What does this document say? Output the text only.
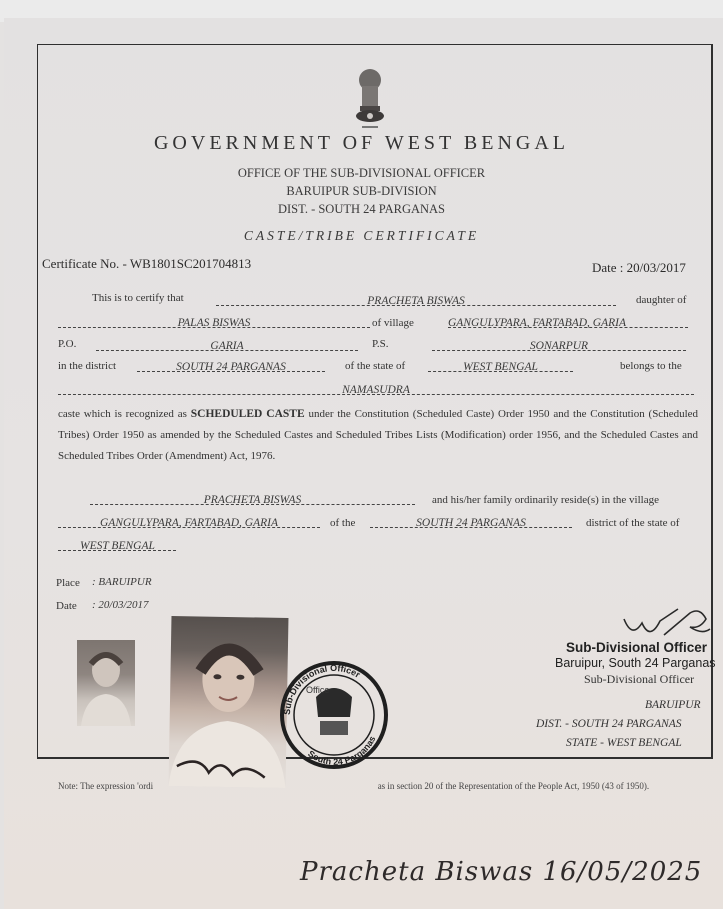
GOVERNMENT OF WEST BENGAL
OFFICE OF THE SUB-DIVISIONAL OFFICER
BARUIPUR SUB-DIVISION
DIST. - SOUTH 24 PARGANAS
CASTE/TRIBE CERTIFICATE
Certificate No. - WB1801SC201704813	Date : 20/03/2017
This is to certify that	PRACHETA BISWAS	daughter of
PALAS BISWAS	of village	GANGULYPARA, FARTABAD, GARIA
P.O.	GARIA	P.S.	SONARPUR
in the district	SOUTH 24 PARGANAS	of the state of	WEST BENGAL	belongs to the
NAMASUDRA
caste which is recognized as SCHEDULED CASTE under the Constitution (Scheduled Caste) Order 1950 and the Constitution (Scheduled Tribes) Order 1950 as amended by the Scheduled Castes and Scheduled Tribes Lists (Modification) order 1956, and the Scheduled Castes and Scheduled Tribes Order (Amendment) Act, 1976.
PRACHETA BISWAS	and his/her family ordinarily reside(s) in the village
GANGULYPARA, FARTABAD, GARIA	of the	SOUTH 24 PARGANAS	district of the state of
WEST BENGAL
Place : BARUIPUR
Date : 20/03/2017
Office
Sub-Divisional Officer
South 24 Parganas
Note: The expression 'ordi	as in section 20 of the Representation of the People Act, 1950 (43 of 1950).
Sub-Divisional Officer
Baruipur, South 24 Parganas
Sub-Divisional Officer
BARUIPUR
DIST. - SOUTH 24 PARGANAS
STATE - WEST BENGAL
Pracheta Biswas 16/05/2025
